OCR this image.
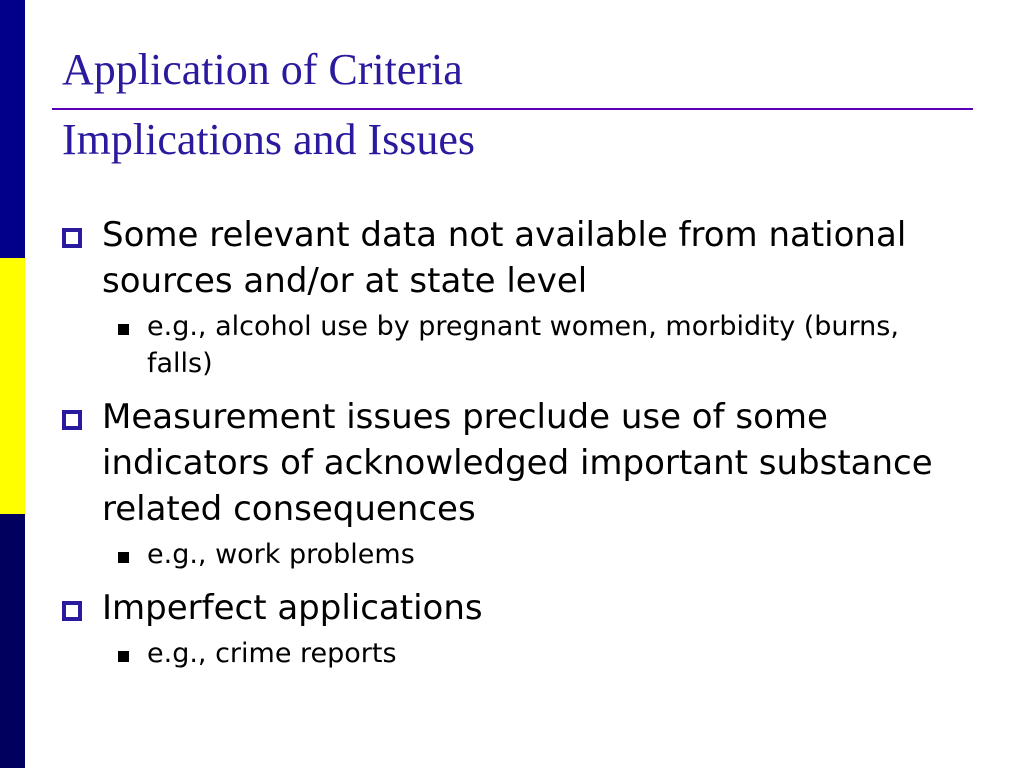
Application of Criteria
Implications and Issues
Some relevant data not available from national sources and/or at state level
e.g., alcohol use by pregnant women, morbidity (burns, falls)
Measurement issues preclude use of some indicators of acknowledged important substance related consequences
e.g., work problems
Imperfect applications
e.g., crime reports
